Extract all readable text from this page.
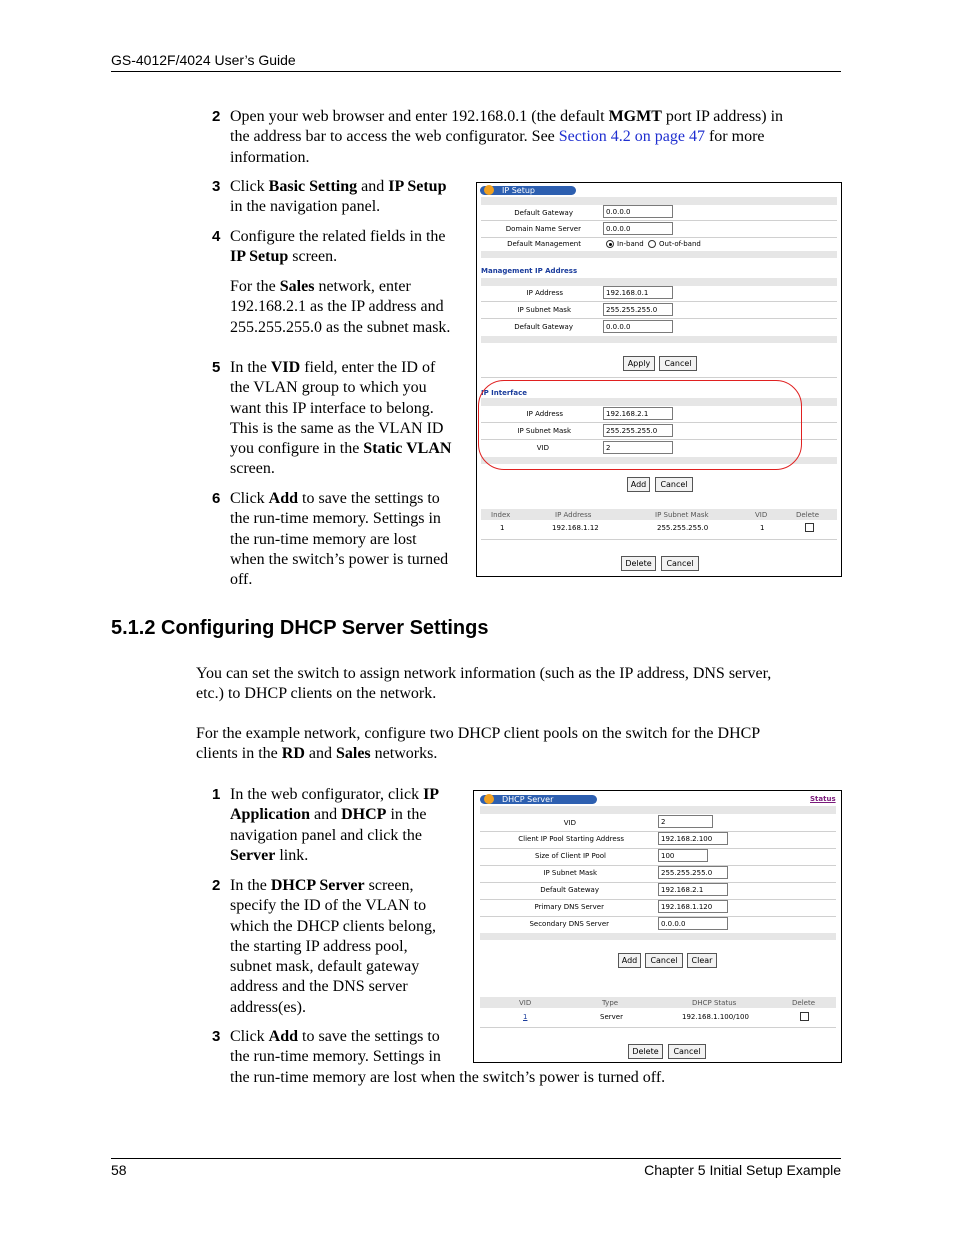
GS-4012F/4024 User’s Guide
2 Open your web browser and enter 192.168.0.1 (the default MGMT port IP address) in
the address bar to access the web configurator. See Section 4.2 on page 47 for more
information.
3 Click Basic Setting and IP Setup
in the navigation panel.
4 Configure the related fields in the
IP Setup screen.
For the Sales network, enter
192.168.2.1 as the IP address and
255.255.255.0 as the subnet mask.
5 In the VID field, enter the ID of
the VLAN group to which you
want this IP interface to belong.
This is the same as the VLAN ID
you configure in the Static VLAN
screen.
6 Click Add to save the settings to
the run-time memory. Settings in
the run-time memory are lost
when the switch’s power is turned
off.
IP Setup
Default Gateway	0.0.0.0
Domain Name Server	0.0.0.0
Default Management	In-band Out-of-band
Management IP Address
IP Address	192.168.0.1
IP Subnet Mask	255.255.255.0
Default Gateway	0.0.0.0
Apply	Cancel
IP Interface
IP Address	192.168.2.1
IP Subnet Mask	255.255.255.0
VID	2
Add	Cancel
Index	IP Address	IP Subnet Mask	VID	Delete
1	192.168.1.12	255.255.255.0	1
Delete	Cancel
5.1.2 Configuring DHCP Server Settings
You can set the switch to assign network information (such as the IP address, DNS server,
etc.) to DHCP clients on the network.
For the example network, configure two DHCP client pools on the switch for the DHCP
clients in the RD and Sales networks.
1 In the web configurator, click IP
Application and DHCP in the
navigation panel and click the
Server link.
2 In the DHCP Server screen,
specify the ID of the VLAN to
which the DHCP clients belong,
the starting IP address pool,
subnet mask, default gateway
address and the DNS server
address(es).
3 Click Add to save the settings to
the run-time memory. Settings in
the run-time memory are lost when the switch’s power is turned off.
DHCP Server	Status
VID	2
Client IP Pool Starting Address	192.168.2.100
Size of Client IP Pool	100
IP Subnet Mask	255.255.255.0
Default Gateway	192.168.2.1
Primary DNS Server	192.168.1.120
Secondary DNS Server	0.0.0.0
Add	Cancel	Clear
VID	Type	DHCP Status	Delete
1	Server	192.168.1.100/100
Delete	Cancel
58	Chapter 5 Initial Setup Example
